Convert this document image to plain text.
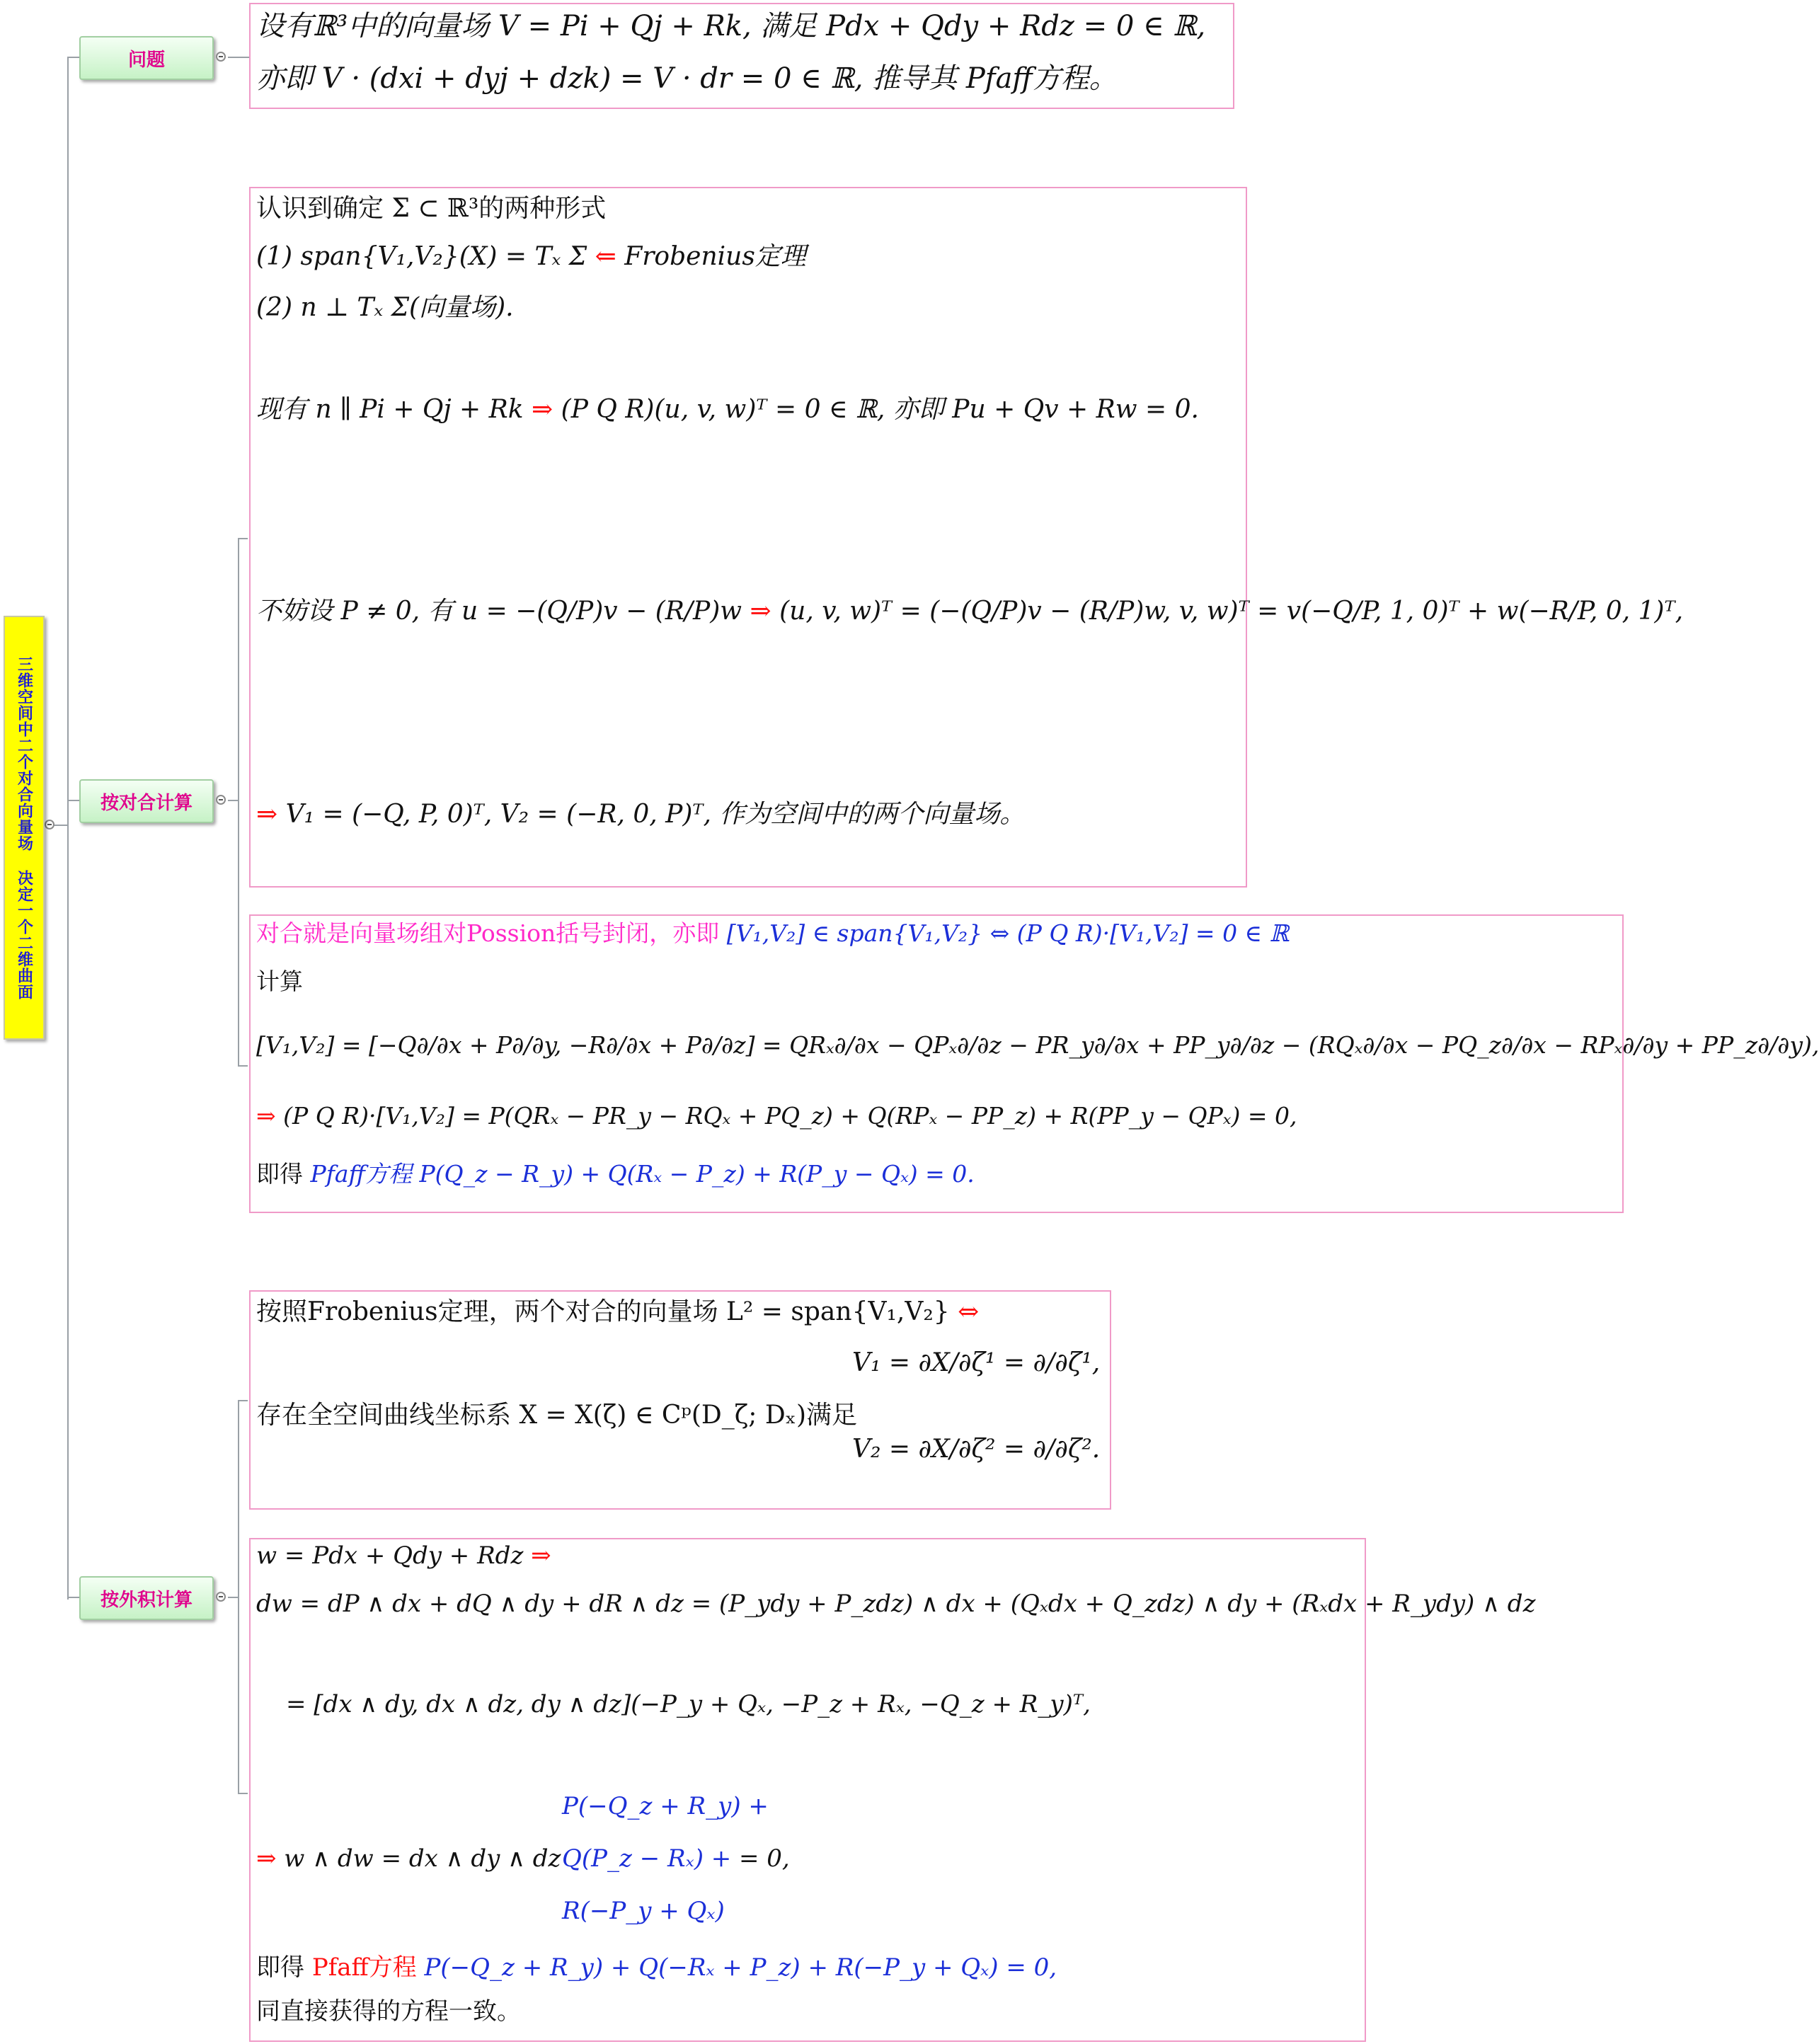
三维空间中二个对合向量场 决定一个二维曲面
问题
按对合计算
按外积计算
设有ℝ³中的向量场 V = Pi + Qj + Rk, 满足 Pdx + Qdy + Rdz = 0 ∈ ℝ,
亦即 V · (dxi + dyj + dzk) = V · dr = 0 ∈ ℝ, 推导其 Pfaff方程。
认识到确定 Σ ⊂ ℝ³的两种形式
(1) span{V₁,V₂}(X) = Tₓ Σ ⇐ Frobenius定理
(2) n ⊥ Tₓ Σ(向量场).
现有 n ∥ Pi + Qj + Rk ⇒ (P Q R)(u, v, w)ᵀ = 0 ∈ ℝ, 亦即 Pu + Qv + Rw = 0.
不妨设 P ≠ 0, 有 u = −(Q/P)v − (R/P)w ⇒ (u, v, w)ᵀ = (−(Q/P)v − (R/P)w, v, w)ᵀ = v(−Q/P, 1, 0)ᵀ + w(−R/P, 0, 1)ᵀ,
⇒ V₁ = (−Q, P, 0)ᵀ, V₂ = (−R, 0, P)ᵀ, 作为空间中的两个向量场。
对合就是向量场组对Possion括号封闭，亦即 [V₁,V₂] ∈ span{V₁,V₂} ⇔ (P Q R)·[V₁,V₂] = 0 ∈ ℝ
计算
[V₁,V₂] = [−Q∂/∂x + P∂/∂y, −R∂/∂x + P∂/∂z] = QRₓ∂/∂x − QPₓ∂/∂z − PR_y∂/∂x + PP_y∂/∂z − (RQₓ∂/∂x − PQ_z∂/∂x − RPₓ∂/∂y + PP_z∂/∂y),
⇒ (P Q R)·[V₁,V₂] = P(QRₓ − PR_y − RQₓ + PQ_z) + Q(RPₓ − PP_z) + R(PP_y − QPₓ) = 0,
即得 Pfaff方程 P(Q_z − R_y) + Q(Rₓ − P_z) + R(P_y − Qₓ) = 0.
按照Frobenius定理，两个对合的向量场 L² = span{V₁,V₂} ⇔
存在全空间曲线坐标系 X = X(ζ) ∈ Cᵖ(D_ζ; Dₓ)满足
V₁ = ∂X/∂ζ¹ = ∂/∂ζ¹,
V₂ = ∂X/∂ζ² = ∂/∂ζ².
w = Pdx + Qdy + Rdz ⇒
dw = dP ∧ dx + dQ ∧ dy + dR ∧ dz = (P_ydy + P_zdz) ∧ dx + (Qₓdx + Q_zdz) ∧ dy + (Rₓdx + R_ydy) ∧ dz
= [dx ∧ dy, dx ∧ dz, dy ∧ dz](−P_y + Qₓ, −P_z + Rₓ, −Q_z + R_y)ᵀ,
⇒ w ∧ dw = dx ∧ dy ∧ dz
P(−Q_z + R_y) +
Q(P_z − Rₓ) +
R(−P_y + Qₓ)
= 0,
即得 Pfaff方程 P(−Q_z + R_y) + Q(−Rₓ + P_z) + R(−P_y + Qₓ) = 0,
同直接获得的方程一致。
